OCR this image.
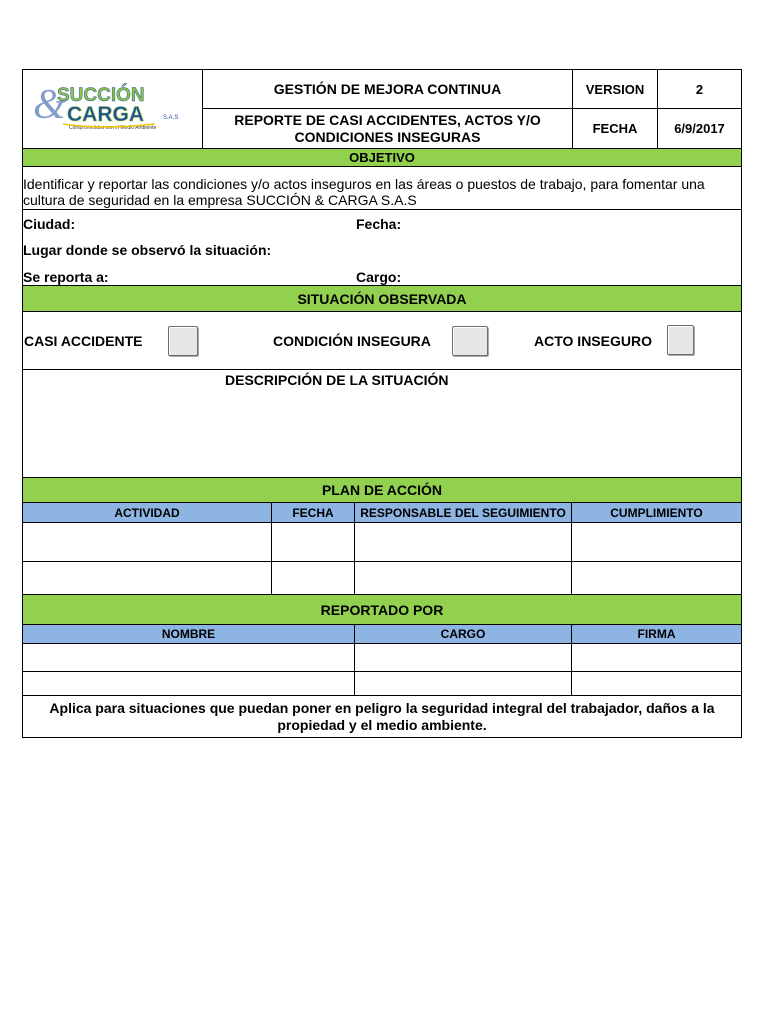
&
SUCCIÓN
CARGA	S.A.S
Comprometidos con el Medio Ambiente
GESTIÓN DE MEJORA CONTINUA	VERSION	2
REPORTE DE CASI ACCIDENTES, ACTOS Y/O CONDICIONES INSEGURAS	FECHA	6/9/2017
OBJETIVO
Identificar y reportar las condiciones y/o actos inseguros en las áreas o puestos de trabajo, para fomentar una cultura de seguridad en la empresa SUCCIÓN & CARGA S.A.S
Ciudad:	Fecha:
Lugar donde se observó la situación:
Se reporta a:	Cargo:
SITUACIÓN OBSERVADA
CASI ACCIDENTE	CONDICIÓN INSEGURA	ACTO INSEGURO
DESCRIPCIÓN DE LA SITUACIÓN
PLAN DE ACCIÓN
ACTIVIDAD	FECHA	RESPONSABLE DEL SEGUIMIENTO	CUMPLIMIENTO
REPORTADO POR
NOMBRE	CARGO	FIRMA
Aplica para situaciones que puedan poner en peligro la seguridad integral del trabajador, daños a la propiedad y el medio ambiente.
